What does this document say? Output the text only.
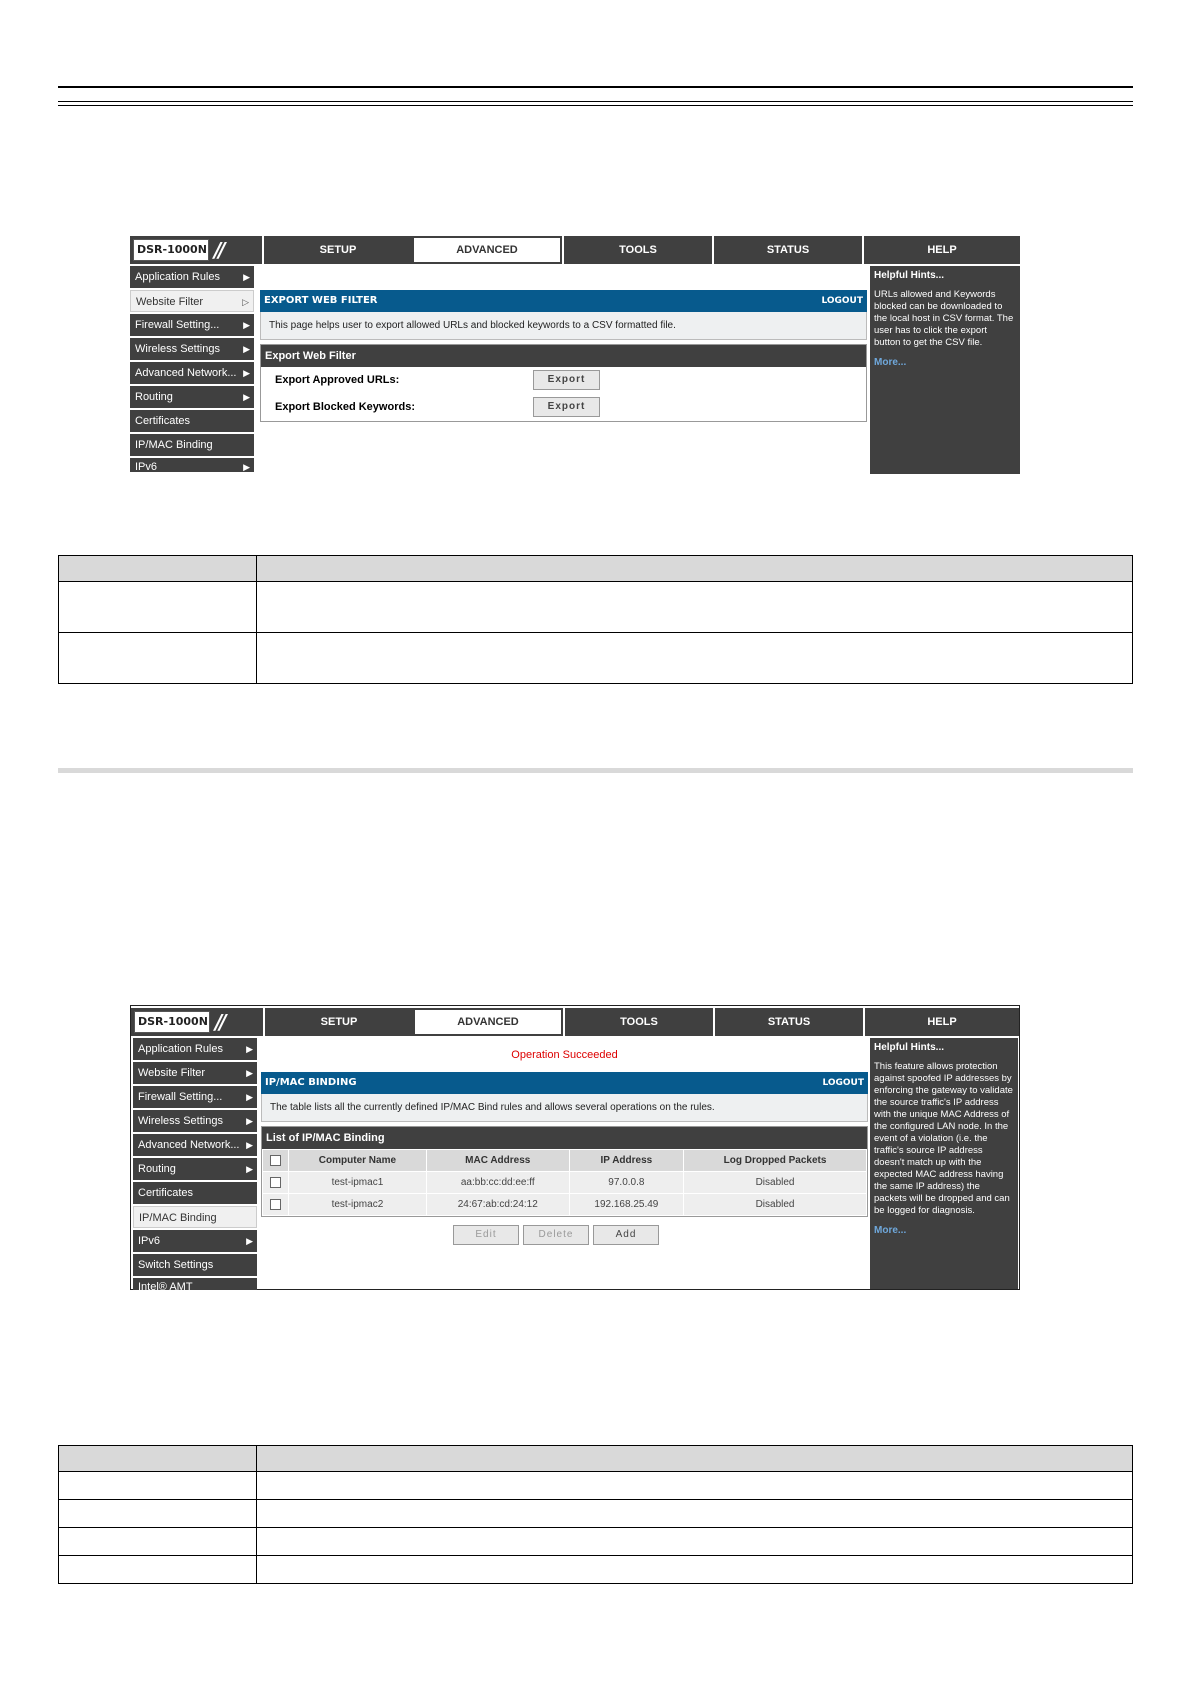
DSR-1000N //	SETUP	ADVANCED	TOOLS	STATUS	HELP
Application Rules	▶
Website Filter	▷
Firewall Setting...	▶
Wireless Settings	▶
Advanced Network... ▶
Routing	▶
Certificates
IP/MAC Binding
IPv6	▶
EXPORT WEB FILTER	LOGOUT
This page helps user to export allowed URLs and blocked keywords to a CSV formatted file.
Export Web Filter
Export Approved URLs:	Export
Export Blocked Keywords:	Export
Helpful Hints...
URLs allowed and Keywords blocked can be downloaded to the local host in CSV format. The user has to click the export button to get the CSV file.
More...

DSR-1000N //	SETUP	ADVANCED	TOOLS	STATUS	HELP
Application Rules	▶
Website Filter	▶
Firewall Setting...	▶
Wireless Settings	▶
Advanced Network... ▶
Routing	▶
Certificates
IP/MAC Binding
IPv6	▶
Switch Settings
Intel® AMT
Operation Succeeded
IP/MAC BINDING	LOGOUT
The table lists all the currently defined IP/MAC Bind rules and allows several operations on the rules.
List of IP/MAC Binding
	Computer Name	MAC Address	IP Address	Log Dropped Packets
	test-ipmac1	aa:bb:cc:dd:ee:ff	97.0.0.8	Disabled
	test-ipmac2	24:67:ab:cd:24:12	192.168.25.49	Disabled
Edit	Delete	Add
Helpful Hints...
This feature allows protection against spoofed IP addresses by enforcing the gateway to validate the source traffic's IP address with the unique MAC Address of the configured LAN node. In the event of a violation (i.e. the traffic's source IP address doesn't match up with the expected MAC address having the same IP address) the packets will be dropped and can be logged for diagnosis.
More...
